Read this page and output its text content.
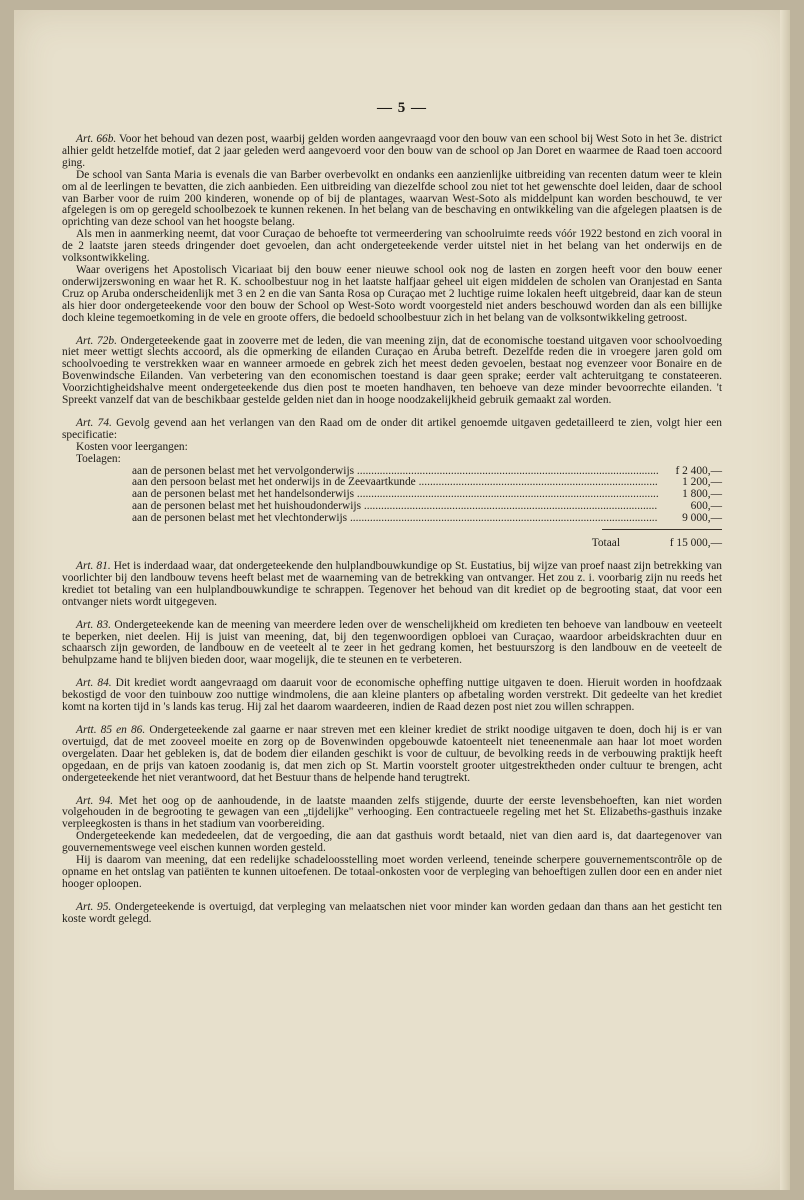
— 5 —

Art. 66b. Voor het behoud van dezen post, waarbij gelden worden aangevraagd voor den bouw van een school bij West Soto in het 3e. district alhier geldt hetzelfde motief, dat 2 jaar geleden werd aangevoerd voor den bouw van de school op Jan Doret en waarmee de Raad toen accoord ging.

De school van Santa Maria is evenals die van Barber overbevolkt en ondanks een aanzienlijke uitbreiding van recenten datum weer te klein om al de leerlingen te bevatten, die zich aanbieden. Een uitbreiding van diezelfde school zou niet tot het gewenschte doel leiden, daar de school van Barber voor de ruim 200 kinderen, wonende op of bij de plantages, waarvan West-Soto als middelpunt kan worden beschouwd, te ver afgelegen is om op geregeld schoolbezoek te kunnen rekenen. In het belang van de beschaving en ontwikkeling van die afgelegen plaatsen is de oprichting van deze school van het hoogste belang.

Als men in aanmerking neemt, dat voor Curaçao de behoefte tot vermeerdering van schoolruimte reeds vóór 1922 bestond en zich vooral in de 2 laatste jaren steeds dringender doet gevoelen, dan acht ondergeteekende verder uitstel niet in het belang van het onderwijs en de volksontwikkeling.

Waar overigens het Apostolisch Vicariaat bij den bouw eener nieuwe school ook nog de lasten en zorgen heeft voor den bouw eener onderwijzerswoning en waar het R. K. schoolbestuur nog in het laatste halfjaar geheel uit eigen middelen de scholen van Oranjestad en Santa Cruz op Aruba onderscheidenlijk met 3 en 2 en die van Santa Rosa op Curaçao met 2 luchtige ruime lokalen heeft uitgebreid, daar kan de steun als hier door ondergeteekende voor den bouw der School op West-Soto wordt voorgesteld niet anders beschouwd worden dan als een billijke doch kleine tegemoetkoming in de vele en groote offers, die bedoeld schoolbestuur zich in het belang van de volksontwikkeling getroost.

Art. 72b. Ondergeteekende gaat in zooverre met de leden, die van meening zijn, dat de economische toestand uitgaven voor schoolvoeding niet meer wettigt slechts accoord, als die opmerking de eilanden Curaçao en Aruba betreft. Dezelfde reden die in vroegere jaren gold om schoolvoeding te verstrekken waar en wanneer armoede en gebrek zich het meest deden gevoelen, bestaat nog evenzeer voor Bonaire en de Bovenwindsche Eilanden. Van verbetering van den economischen toestand is daar geen sprake; eerder valt achteruitgang te constateeren. Voorzichtigheidshalve meent ondergeteekende dus dien post te moeten handhaven, ten behoeve van deze minder bevoorrechte eilanden. 't Spreekt vanzelf dat van de beschikbaar gestelde gelden niet dan in hooge noodzakelijkheid gebruik gemaakt zal worden.

Art. 74. Gevolg gevend aan het verlangen van den Raad om de onder dit artikel genoemde uitgaven gedetailleerd te zien, volgt hier een specificatie:

Kosten voor leergangen:

Toelagen:

aan de personen belast met het vervolgonderwijs .....	f 2 400,—
aan den persoon belast met het onderwijs in de Zeevaartkunde .....	1 200,—
aan de personen belast met het handelsonderwijs .....	1 800,—
aan de personen belast met het huishoudonderwijs .....	600,—
aan de personen belast met het vlechtonderwijs .....	9 000,—
Totaal	f 15 000,—

Art. 81. Het is inderdaad waar, dat ondergeteekende den hulplandbouwkundige op St. Eustatius, bij wijze van proef naast zijn betrekking van voorlichter bij den landbouw tevens heeft belast met de waarneming van de betrekking van ontvanger. Het zou z. i. voorbarig zijn nu reeds het krediet tot betaling van een hulplandbouwkundige te schrappen. Tegenover het behoud van dit krediet op de begrooting staat, dat voor een ontvanger niets wordt uitgegeven.

Art. 83. Ondergeteekende kan de meening van meerdere leden over de wenschelijkheid om kredieten ten behoeve van landbouw en veeteelt te beperken, niet deelen. Hij is juist van meening, dat, bij den tegenwoordigen opbloei van Curaçao, waardoor arbeidskrachten duur en schaarsch zijn geworden, de landbouw en de veeteelt al te zeer in het gedrang komen, het bestuurszorg is den landbouw en de veeteelt de behulpzame hand te blijven bieden door, waar mogelijk, die te steunen en te verbeteren.

Art. 84. Dit krediet wordt aangevraagd om daaruit voor de economische opheffing nuttige uitgaven te doen. Hieruit worden in hoofdzaak bekostigd de voor den tuinbouw zoo nuttige windmolens, die aan kleine planters op afbetaling worden verstrekt. Dit gedeelte van het krediet komt na korten tijd in 's lands kas terug. Hij zal het daarom waardeeren, indien de Raad dezen post niet zou willen schrappen.

Artt. 85 en 86. Ondergeteekende zal gaarne er naar streven met een kleiner krediet de strikt noodige uitgaven te doen, doch hij is er van overtuigd, dat de met zooveel moeite en zorg op de Bovenwinden opgebouwde katoenteelt niet teneenenmale aan haar lot moet worden overgelaten. Daar het gebleken is, dat de bodem dier eilanden geschikt is voor de cultuur, de bevolking reeds in de verbouwing praktijk heeft opgedaan, en de prijs van katoen zoodanig is, dat men zich op St. Martin voorstelt grooter uitgestrektheden onder cultuur te brengen, acht ondergeteekende het niet verantwoord, dat het Bestuur thans de helpende hand terugtrekt.

Art. 94. Met het oog op de aanhoudende, in de laatste maanden zelfs stijgende, duurte der eerste levensbehoeften, kan niet worden volgehouden in de begrooting te gewagen van een „tijdelijke" verhooging. Een contractueele regeling met het St. Elizabeths-gasthuis inzake verpleegkosten is thans in het stadium van voorbereiding.

Ondergeteekende kan mededeelen, dat de vergoeding, die aan dat gasthuis wordt betaald, niet van dien aard is, dat daartegenover van gouvernementswege veel eischen kunnen worden gesteld.

Hij is daarom van meening, dat een redelijke schadeloosstelling moet worden verleend, teneinde scherpere gouvernementscontrôle op de opname en het ontslag van patiënten te kunnen uitoefenen. De totaal-onkosten voor de verpleging van behoeftigen zullen door een en ander niet hooger oploopen.

Art. 95. Ondergeteekende is overtuigd, dat verpleging van melaatschen niet voor minder kan worden gedaan dan thans aan het gesticht ten koste wordt gelegd.
